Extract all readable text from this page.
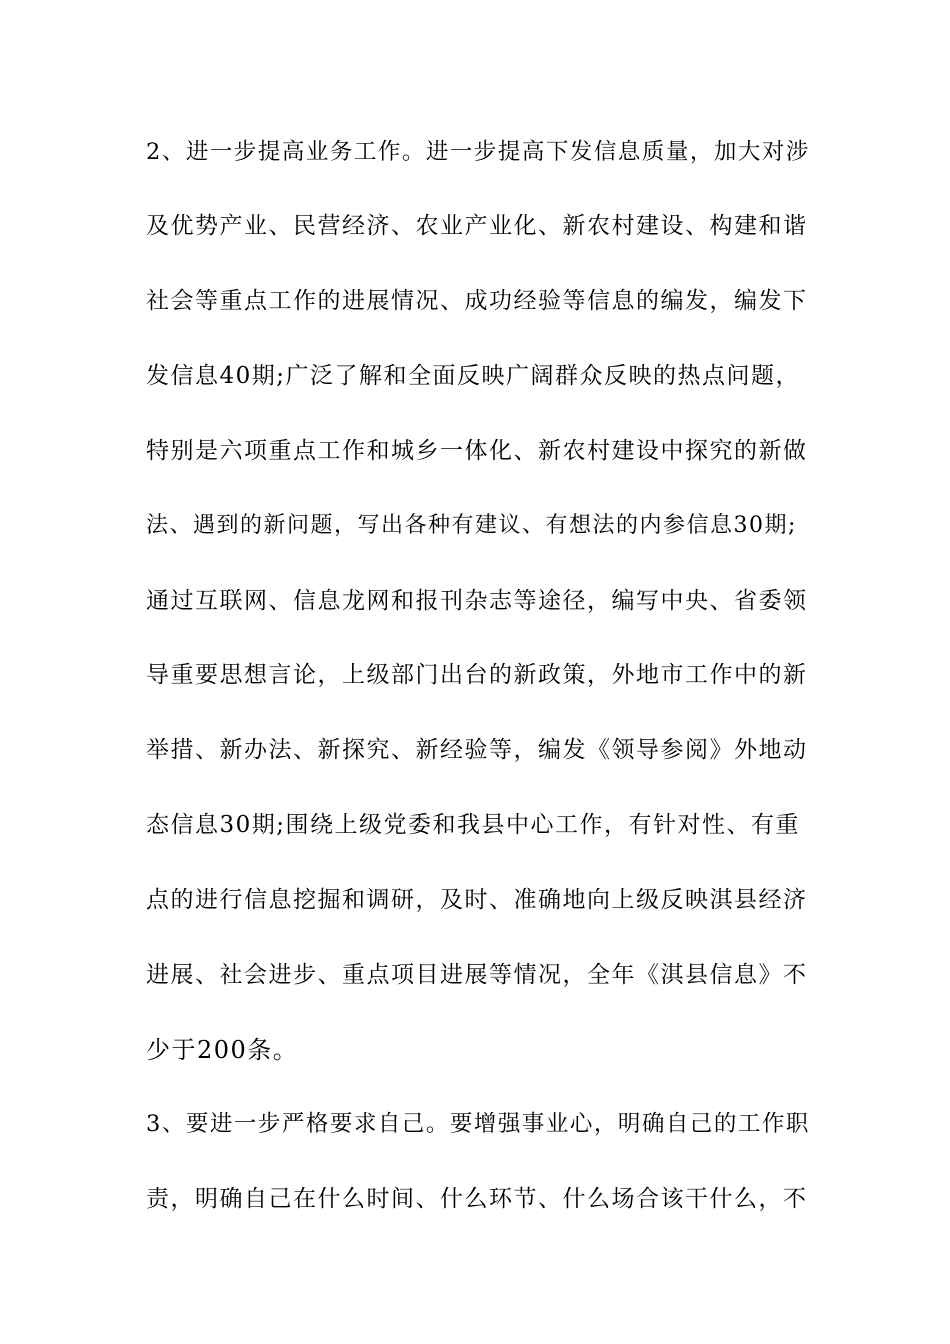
2、进一步提高业务工作。进一步提高下发信息质量，加大对涉
及优势产业、民营经济、农业产业化、新农村建设、构建和谐
社会等重点工作的进展情况、成功经验等信息的编发，编发下
发信息40期;广泛了解和全面反映广阔群众反映的热点问题，
特别是六项重点工作和城乡一体化、新农村建设中探究的新做
法、遇到的新问题，写出各种有建议、有想法的内参信息30期;
通过互联网、信息龙网和报刊杂志等途径，编写中央、省委领
导重要思想言论，上级部门出台的新政策，外地市工作中的新
举措、新办法、新探究、新经验等，编发《领导参阅》外地动
态信息30期;围绕上级党委和我县中心工作，有针对性、有重
点的进行信息挖掘和调研，及时、准确地向上级反映淇县经济
进展、社会进步、重点项目进展等情况，全年《淇县信息》不
少于200条。
3、要进一步严格要求自己。要增强事业心，明确自己的工作职
责，明确自己在什么时间、什么环节、什么场合该干什么，不
